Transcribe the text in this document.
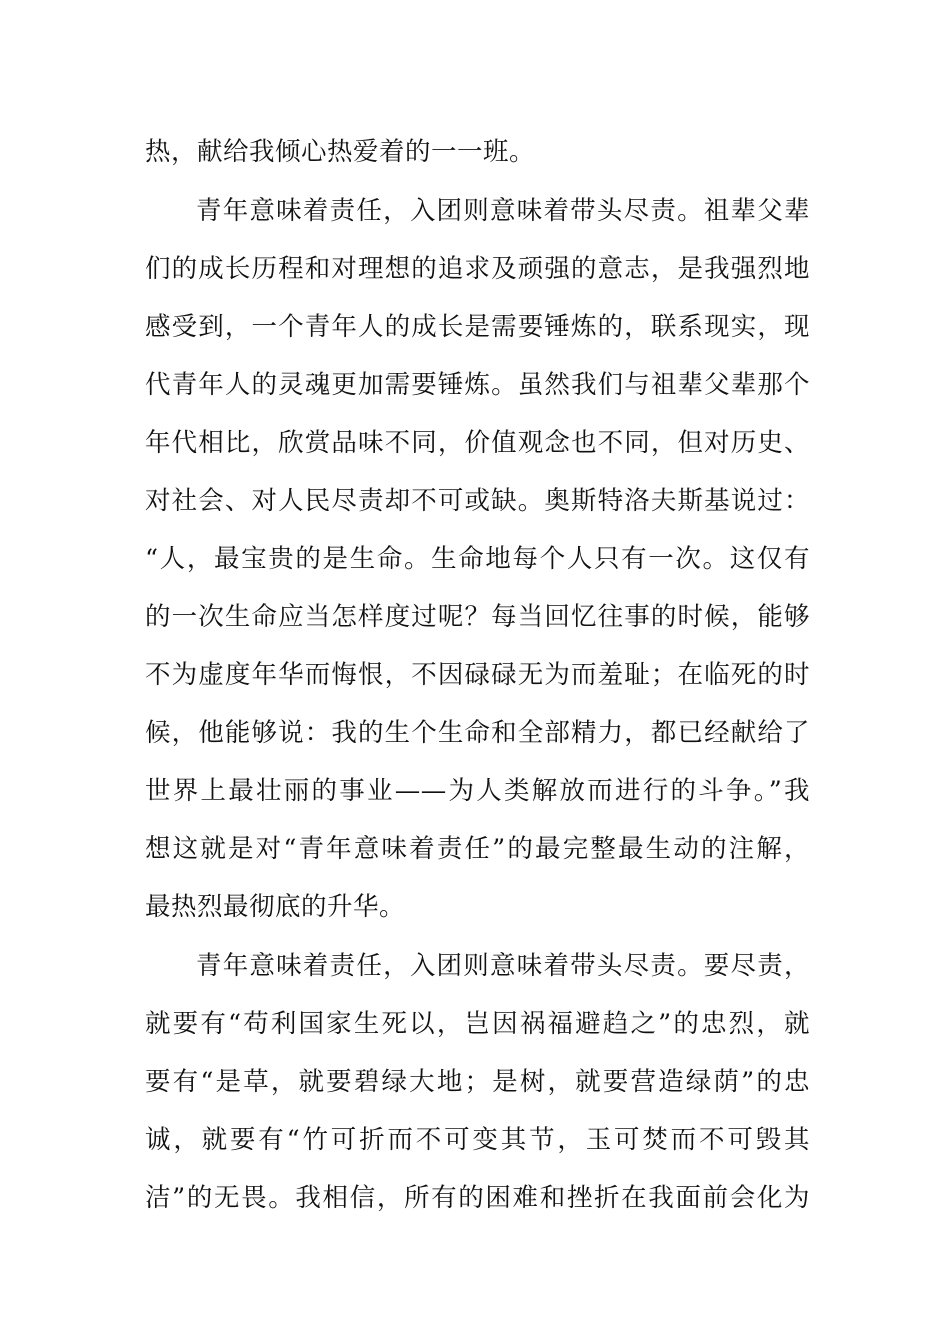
热，献给我倾心热爱着的一一班。
青年意味着责任，入团则意味着带头尽责。祖辈父辈
们的成长历程和对理想的追求及顽强的意志，是我强烈地
感受到，一个青年人的成长是需要锤炼的，联系现实，现
代青年人的灵魂更加需要锤炼。虽然我们与祖辈父辈那个
年代相比，欣赏品味不同，价值观念也不同，但对历史、
对社会、对人民尽责却不可或缺。奥斯特洛夫斯基说过：
“人，最宝贵的是生命。生命地每个人只有一次。这仅有
的一次生命应当怎样度过呢？每当回忆往事的时候，能够
不为虚度年华而悔恨，不因碌碌无为而羞耻；在临死的时
候，他能够说：我的生个生命和全部精力，都已经献给了
世界上最壮丽的事业——为人类解放而进行的斗争。”我
想这就是对“青年意味着责任”的最完整最生动的注解，
最热烈最彻底的升华。
青年意味着责任，入团则意味着带头尽责。要尽责，
就要有“苟利国家生死以，岂因祸福避趋之”的忠烈，就
要有“是草，就要碧绿大地；是树，就要营造绿荫”的忠
诚，就要有“竹可折而不可变其节，玉可焚而不可毁其
洁”的无畏。我相信，所有的困难和挫折在我面前会化为
